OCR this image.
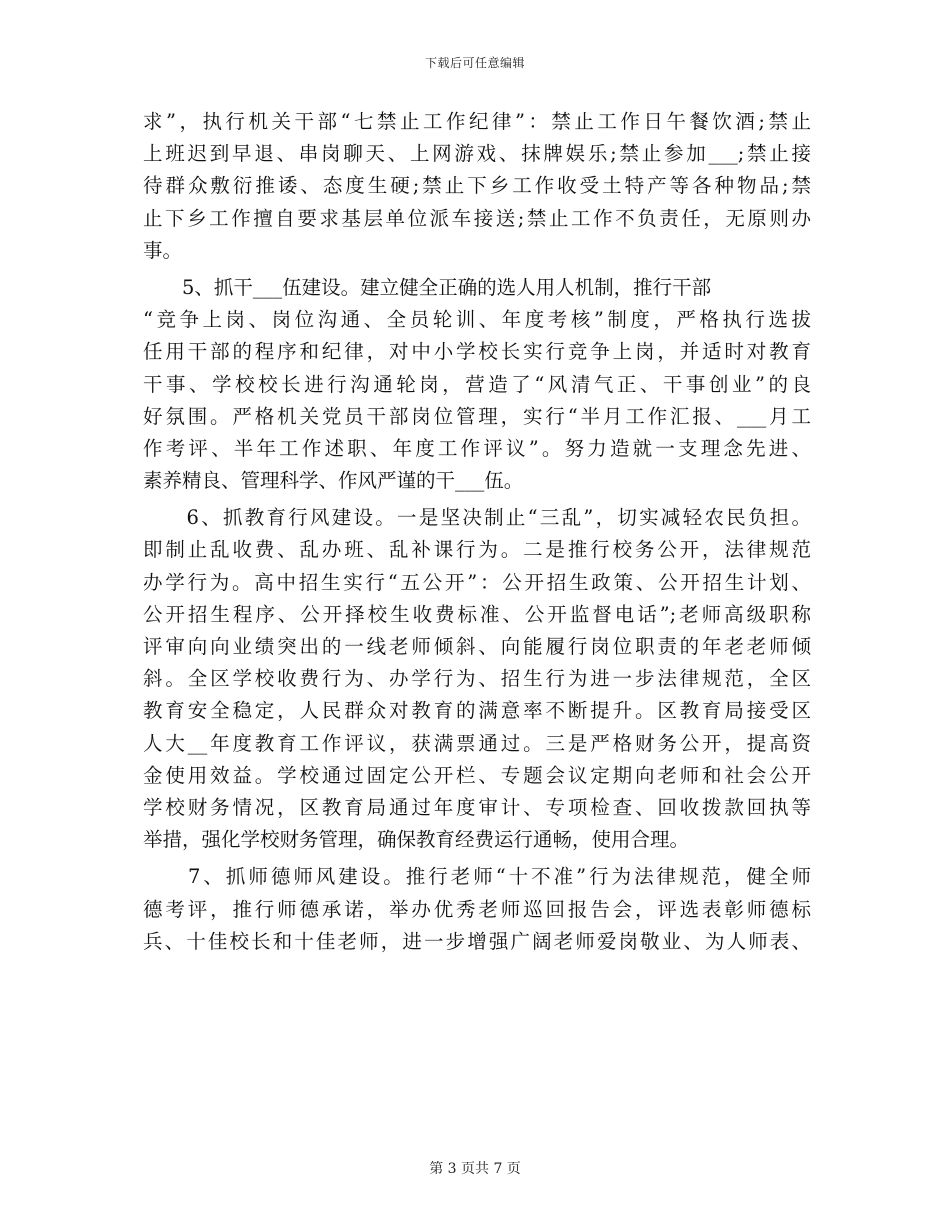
下载后可任意编辑
求”，执行机关干部“七禁止工作纪律”：禁止工作日午餐饮酒;禁止
上班迟到早退、串岗聊天、上网游戏、抹牌娱乐;禁止参加___;禁止接
待群众敷衍推诿、态度生硬;禁止下乡工作收受土特产等各种物品;禁
止下乡工作擅自要求基层单位派车接送;禁止工作不负责任，无原则办
事。
　　5、抓干___伍建设。建立健全正确的选人用人机制，推行干部
“竞争上岗、岗位沟通、全员轮训、年度考核”制度，严格执行选拔
任用干部的程序和纪律，对中小学校长实行竞争上岗，并适时对教育
干事、学校校长进行沟通轮岗，营造了“风清气正、干事创业”的良
好氛围。严格机关党员干部岗位管理，实行“半月工作汇报、___月工
作考评、半年工作述职、年度工作评议”。努力造就一支理念先进、
素养精良、管理科学、作风严谨的干___伍。
　　6、抓教育行风建设。一是坚决制止“三乱”，切实减轻农民负担。
即制止乱收费、乱办班、乱补课行为。二是推行校务公开，法律规范
办学行为。高中招生实行“五公开”：公开招生政策、公开招生计划、
公开招生程序、公开择校生收费标准、公开监督电话”;老师高级职称
评审向向业绩突出的一线老师倾斜、向能履行岗位职责的年老老师倾
斜。全区学校收费行为、办学行为、招生行为进一步法律规范，全区
教育安全稳定，人民群众对教育的满意率不断提升。区教育局接受区
人大__年度教育工作评议，获满票通过。三是严格财务公开，提高资
金使用效益。学校通过固定公开栏、专题会议定期向老师和社会公开
学校财务情况，区教育局通过年度审计、专项检查、回收拨款回执等
举措，强化学校财务管理，确保教育经费运行通畅，使用合理。
　　7、抓师德师风建设。推行老师“十不准”行为法律规范，健全师
德考评，推行师德承诺，举办优秀老师巡回报告会，评选表彰师德标
兵、十佳校长和十佳老师，进一步增强广阔老师爱岗敬业、为人师表、
第 3 页共 7 页
